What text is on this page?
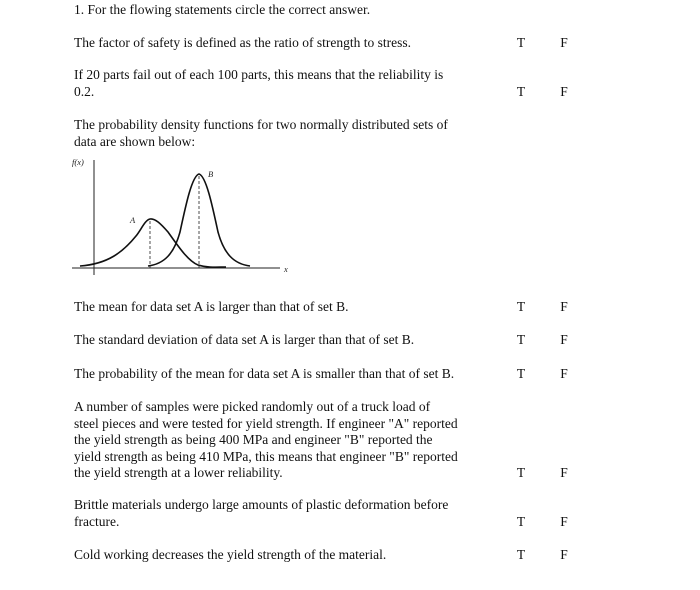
1. For the flowing statements circle the correct answer.
The factor of safety is defined as the ratio of strength to stress.	T	F
If 20 parts fail out of each 100 parts, this means that the reliability is
0.2.	T	F
The probability density functions for two normally distributed sets of
data are shown below:
f(x)
x
A
B
The mean for data set A is larger than that of set B.	T	F
The standard deviation of data set A is larger than that of set B.	T	F
The probability of the mean for data set A is smaller than that of set B.	T	F
A number of samples were picked randomly out of a truck load of
steel pieces and were tested for yield strength. If engineer "A" reported
the yield strength as being 400 MPa and engineer "B" reported the
yield strength as being 410 MPa, this means that engineer "B" reported
the yield strength at a lower reliability.	T	F
Brittle materials undergo large amounts of plastic deformation before
fracture.	T	F
Cold working decreases the yield strength of the material.	T	F
